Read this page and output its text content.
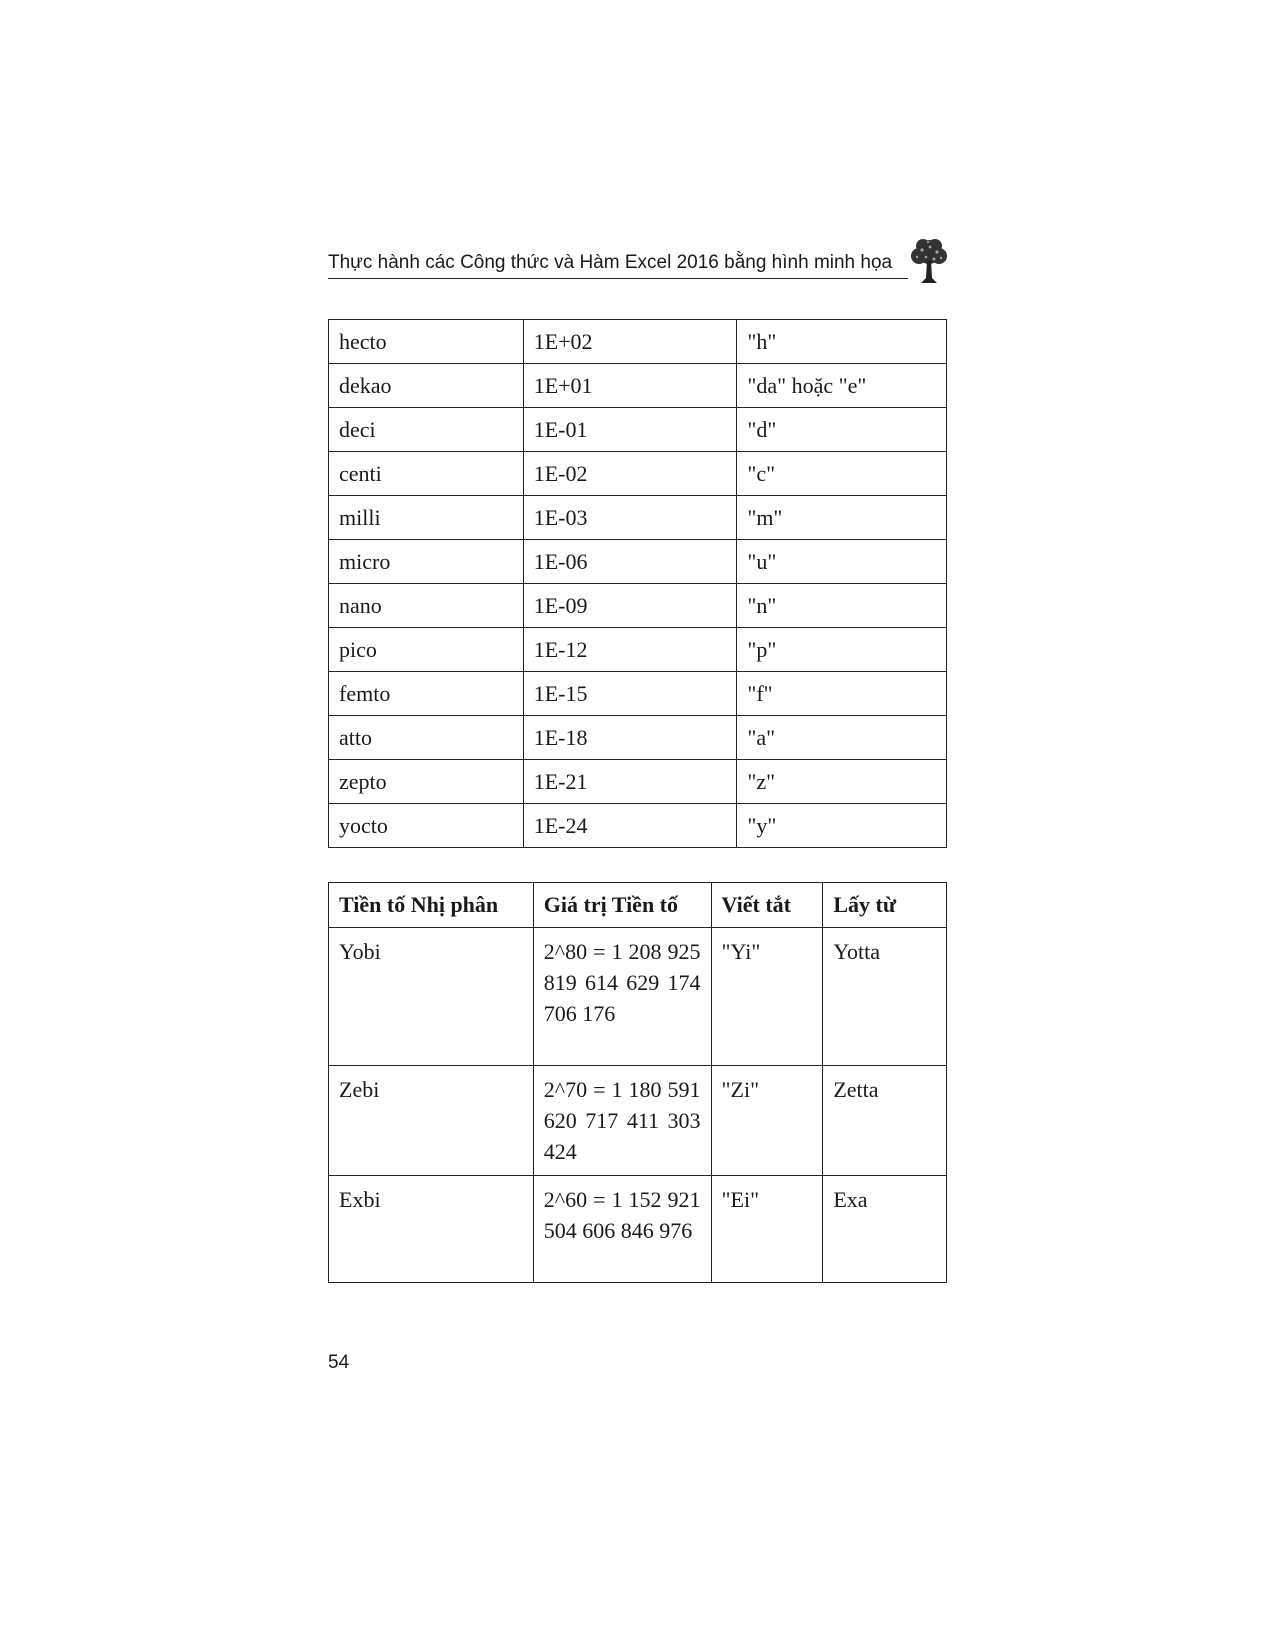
Thực hành các Công thức và Hàm Excel 2016 bằng hình minh họa
hecto	1E+02	"h"
dekao	1E+01	"da" hoặc "e"
deci	1E-01	"d"
centi	1E-02	"c"
milli	1E-03	"m"
micro	1E-06	"u"
nano	1E-09	"n"
pico	1E-12	"p"
femto	1E-15	"f"
atto	1E-18	"a"
zepto	1E-21	"z"
yocto	1E-24	"y"
Tiền tố Nhị phân	Giá trị Tiền tố	Viết tắt	Lấy từ
Yobi	2^80 = 1 208 925 819 614 629 174 706 176	"Yi"	Yotta
Zebi	2^70 = 1 180 591 620 717 411 303 424	"Zi"	Zetta
Exbi	2^60 = 1 152 921 504 606 846 976	"Ei"	Exa
54
